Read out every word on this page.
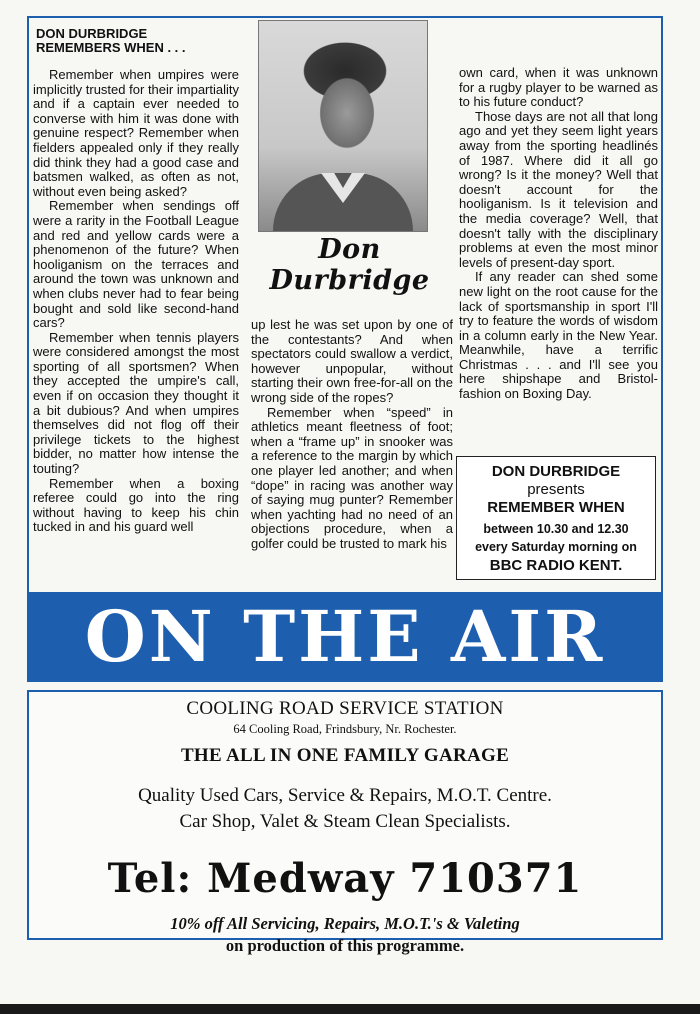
DON DURBRIDGE
REMEMBERS WHEN . . .
Don Durbridge

Remember when umpires were implicitly trusted for their impartiality and if a captain ever needed to converse with him it was done with genuine respect? Remember when fielders appealed only if they really did think they had a good case and batsmen walked, as often as not, without even being asked?

Remember when sendings off were a rarity in the Football League and red and yellow cards were a phenomenon of the future? When hooliganism on the terraces and around the town was unknown and when clubs never had to fear being bought and sold like second-hand cars?

Remember when tennis players were considered amongst the most sporting of all sportsmen? When they accepted the umpire's call, even if on occasion they thought it a bit dubious? And when umpires themselves did not flog off their privilege tickets to the highest bidder, no matter how intense the touting?

Remember when a boxing referee could go into the ring without having to keep his chin tucked in and his guard well

up lest he was set upon by one of the contestants? And when spectators could swallow a verdict, however unpopular, without starting their own free-for-all on the wrong side of the ropes?

Remember when “speed” in athletics meant fleetness of foot; when a “frame up” in snooker was a reference to the margin by which one player led another; and when “dope” in racing was another way of saying mug punter? Remember when yachting had no need of an objections procedure, when a golfer could be trusted to mark his

own card, when it was unknown for a rugby player to be warned as to his future conduct?

Those days are not all that long ago and yet they seem light years away from the sporting headlinés of 1987. Where did it all go wrong? Is it the money? Well that doesn't account for the hooliganism. Is it television and the media coverage? Well, that doesn't tally with the disciplinary problems at even the most minor levels of present-day sport.

If any reader can shed some new light on the root cause for the lack of sportsmanship in sport I'll try to feature the words of wisdom in a column early in the New Year. Meanwhile, have a terrific Christmas . . . and I'll see you here shipshape and Bristol-fashion on Boxing Day.

DON DURBRIDGE
presents
REMEMBER WHEN
between 10.30 and 12.30
every Saturday morning on
BBC RADIO KENT.
ON THE AIR
COOLING ROAD SERVICE STATION
64 Cooling Road, Frindsbury, Nr. Rochester.
THE ALL IN ONE FAMILY GARAGE
Quality Used Cars, Service & Repairs, M.O.T. Centre.
Car Shop, Valet & Steam Clean Specialists.
Tel: Medway 710371
10% off All Servicing, Repairs, M.O.T.'s & Valeting
on production of this programme.
